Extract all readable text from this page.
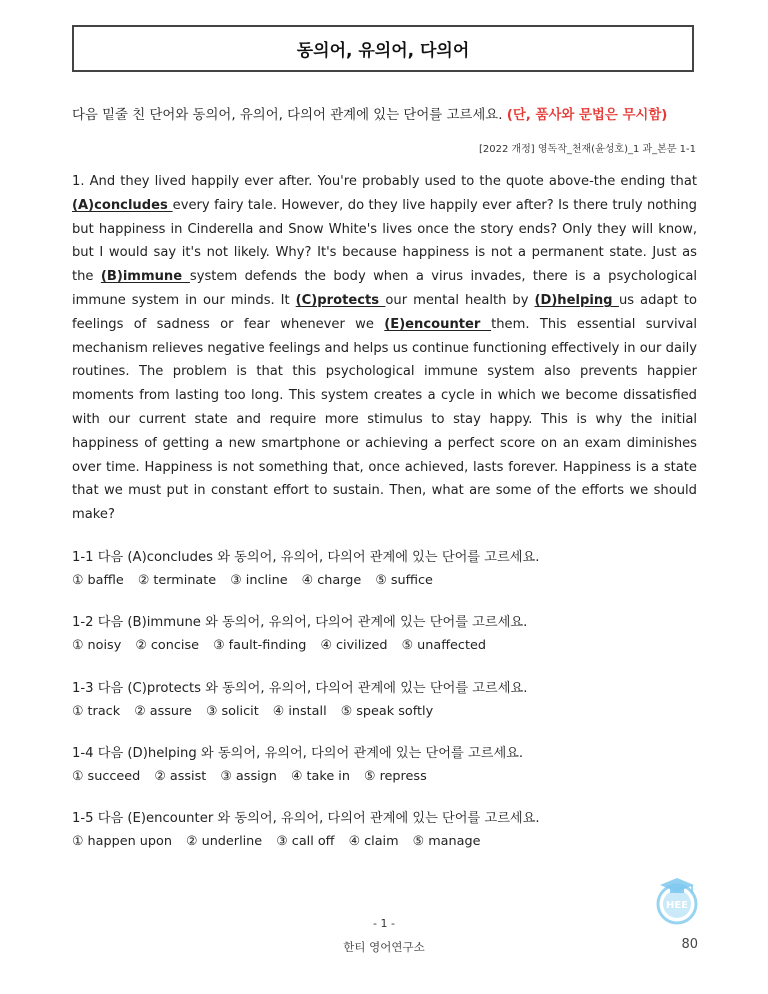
동의어, 유의어, 다의어
다음 밑줄 친 단어와 동의어, 유의어, 다의어 관계에 있는 단어를 고르세요. (단, 품사와 문법은 무시함)
[2022 개정] 영독작_천재(윤성호)_1 과_본문 1-1
1. And they lived happily ever after. You're probably used to the quote above-the ending that (A)concludes every fairy tale. However, do they live happily ever after? Is there truly nothing but happiness in Cinderella and Snow White's lives once the story ends? Only they will know, but I would say it's not likely. Why? It's because happiness is not a permanent state. Just as the (B)immune system defends the body when a virus invades, there is a psychological immune system in our minds. It (C)protects our mental health by (D)helping us adapt to feelings of sadness or fear whenever we (E)encounter them. This essential survival mechanism relieves negative feelings and helps us continue functioning effectively in our daily routines. The problem is that this psychological immune system also prevents happier moments from lasting too long. This system creates a cycle in which we become dissatisfied with our current state and require more stimulus to stay happy. This is why the initial happiness of getting a new smartphone or achieving a perfect score on an exam diminishes over time. Happiness is not something that, once achieved, lasts forever. Happiness is a state that we must put in constant effort to sustain. Then, what are some of the efforts we should make?
1-1 다음 (A)concludes 와 동의어, 유의어, 다의어 관계에 있는 단어를 고르세요.
① baffle ② terminate ③ incline ④ charge ⑤ suffice
1-2 다음 (B)immune 와 동의어, 유의어, 다의어 관계에 있는 단어를 고르세요.
① noisy ② concise ③ fault-finding ④ civilized ⑤ unaffected
1-3 다음 (C)protects 와 동의어, 유의어, 다의어 관계에 있는 단어를 고르세요.
① track ② assure ③ solicit ④ install ⑤ speak softly
1-4 다음 (D)helping 와 동의어, 유의어, 다의어 관계에 있는 단어를 고르세요.
① succeed ② assist ③ assign ④ take in ⑤ repress
1-5 다음 (E)encounter 와 동의어, 유의어, 다의어 관계에 있는 단어를 고르세요.
① happen upon ② underline ③ call off ④ claim ⑤ manage
HEE
- 1 -
한티 영어연구소	80
